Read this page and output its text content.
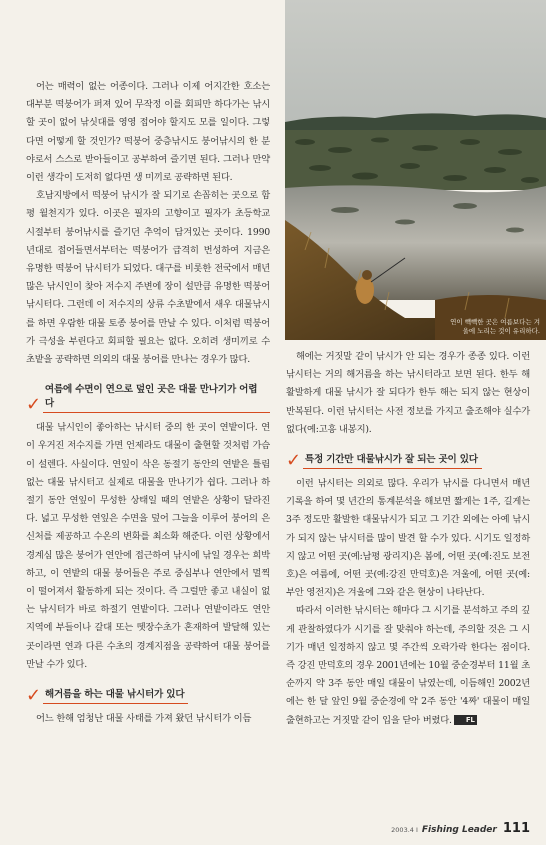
어는 매력이 없는 어종이다. 그러나 이제 어지간한 호소는 대부분 떡붕어가 퍼져 있어 무작정 이를 회피만 하다가는 낚시 할 곳이 없어 낚싯대를 영영 접어야 할지도 모를 일이다. 그렇다면 어떻게 할 것인가? 떡붕어 중층낚시도 붕어낚시의 한 분야로서 스스로 받아들이고 공부하여 즐기면 된다. 그러나 만약 이런 생각이 도저히 없다면 생 미끼로 공략하면 된다.

호남지방에서 떡붕어 낚시가 잘 되기로 손꼽히는 곳으로 함평 월천지가 있다. 이곳은 필자의 고향이고 필자가 초등학교 시절부터 붕어낚시를 즐기던 추억이 담겨있는 곳이다. 1990년대로 접어들면서부터는 떡붕어가 급격히 번성하여 지금은 유명한 떡붕어 낚시터가 되었다. 대구를 비롯한 전국에서 매년 많은 낚시인이 찾아 저수지 주변에 장이 설만큼 유명한 떡붕어 낚시터다. 그런데 이 저수지의 상류 수초밭에서 새우 대물낚시를 하면 우람한 대물 토종 붕어를 만날 수 있다. 이처럼 떡붕어가 극성을 부린다고 회피할 필요는 없다. 오히려 생미끼로 수초밭을 공략하면 의외의 대물 붕어를 만나는 경우가 많다.

✓
여름에 수면이 연으로 덮인 곳은 대물 만나기가 어렵다

대물 낚시인이 좋아하는 낚시터 중의 한 곳이 연밭이다. 연이 우거진 저수지를 가면 언제라도 대물이 출현할 것처럼 가슴이 설렌다. 사실이다. 연잎이 삭은 동절기 동안의 연밭은 틀림없는 대물 낚시터고 실제로 대물을 만나기가 쉽다. 그러나 하절기 동안 연잎이 무성한 상태일 때의 연밭은 상황이 달라진다. 넓고 무성한 연잎은 수면을 덮어 그늘을 이루어 붕어의 은신처를 제공하고 수온의 변화를 최소화 해준다. 이런 상황에서 경계심 많은 붕어가 연안에 접근하여 낚시에 낚일 경우는 희박하고, 이 연밭의 대물 붕어들은 주로 중심부나 연안에서 멀찍이 떨어져서 활동하게 되는 것이다. 즉 그럴만 좋고 내실이 없는 낚시터가 바로 하절기 연밭이다. 그러나 연밭이라도 연안 지역에 부들이나 갈대 또는 뗏장수초가 혼재하여 발달해 있는 곳이라면 연과 다른 수초의 경계지점을 공략하여 대물 붕어를 만날 수가 있다.

✓ 해거름을 하는 대물 낚시터가 있다

어느 한해 엄청난 대물 사태를 가져 왔던 낚시터가 이듬

연이 빽빽한 곳은 여름보다는 겨울에 노리는 것이 유리하다.

해에는 거짓말 같이 낚시가 안 되는 경우가 종종 있다. 이런 낚시터는 거의 해거름을 하는 낚시터라고 보면 된다. 한두 해 활발하게 대물 낚시가 잘 되다가 한두 해는 되지 않는 현상이 반복된다. 이런 낚시터는 사전 정보를 가지고 출조해야 실수가 없다(예:고흥 내봉지).

✓ 특정 기간만 대물낚시가 잘 되는 곳이 있다

이런 낚시터는 의외로 많다. 우리가 낚시를 다니면서 매년 기록을 하여 몇 년간의 통계분석을 해보면 짧게는 1주, 길게는 3주 정도만 활발한 대물낚시가 되고 그 기간 외에는 아예 낚시가 되지 않는 낚시터를 많이 발견 할 수가 있다. 시기도 일정하지 않고 어떤 곳(예:남평 광리지)은 봄에, 어떤 곳(예:진도 보전호)은 여름에, 어떤 곳(예:강진 만덕호)은 겨울에, 어떤 곳(예:부안 영전지)은 겨울에 그와 같은 현상이 나타난다.

따라서 이러한 낚시터는 해마다 그 시기를 분석하고 주의 깊게 관찰하였다가 시기를 잘 맞춰야 하는데, 주의할 것은 그 시기가 매년 일정하지 않고 몇 주간씩 오락가락 한다는 점이다. 즉 강진 만덕호의 경우 2001년에는 10월 중순경부터 11월 초순까지 약 3주 동안 매일 대물이 낚였는데, 이듬해인 2002년에는 한 달 앞인 9월 중순경에 약 2주 동안 '4짜' 대물이 매일 출현하고는 거짓말 같이 입을 닫아 버렸다. FL

2003.4 I Fishing Leader 111
